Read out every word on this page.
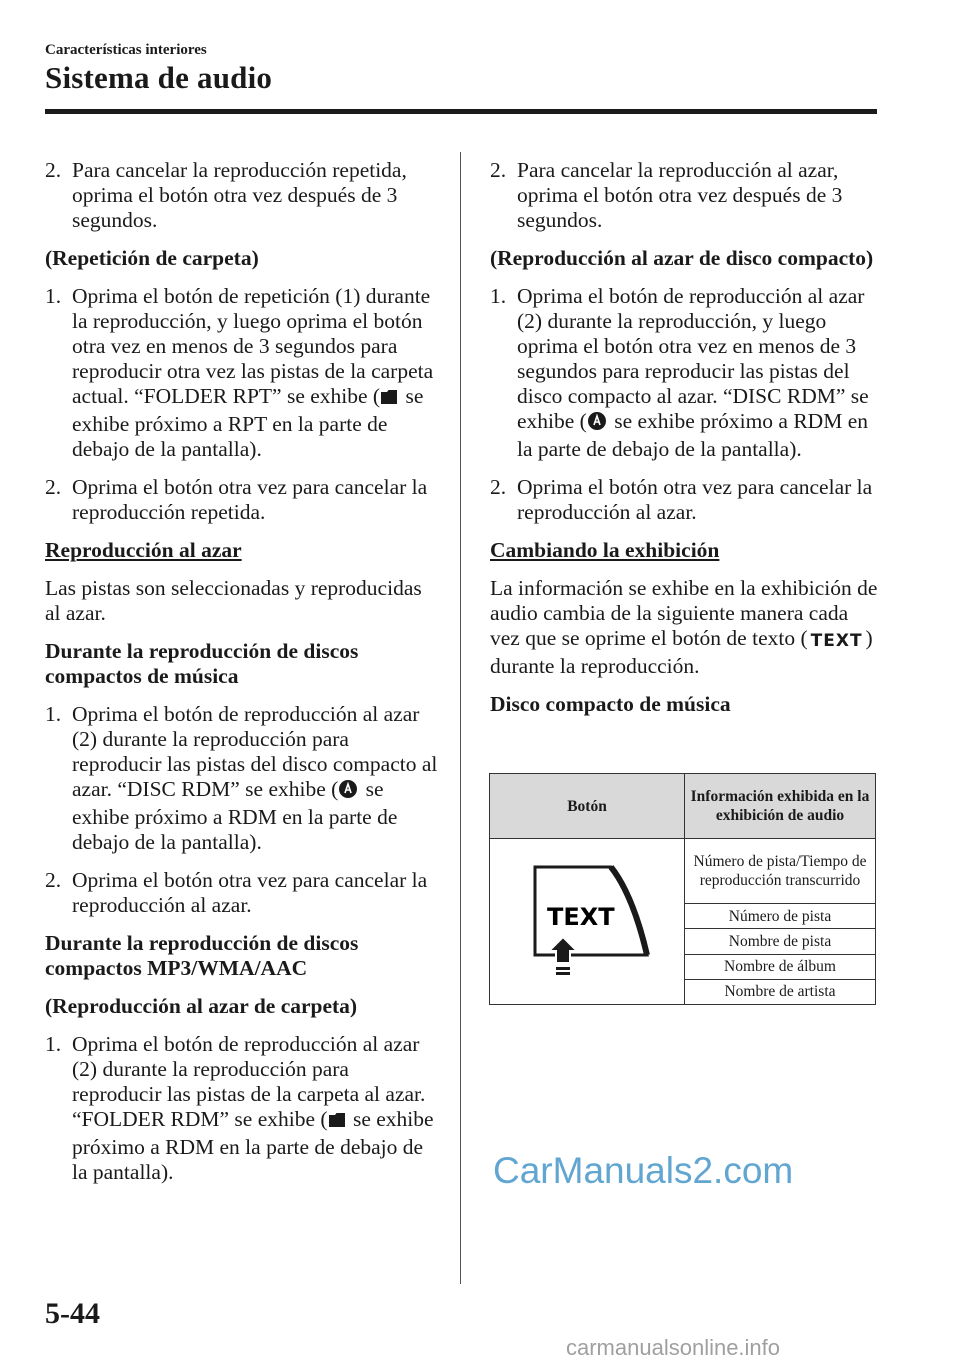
Características interiores
Sistema de audio
2. Para cancelar la reproducción repetida, oprima el botón otra vez después de 3 segundos.
(Repetición de carpeta)
1. Oprima el botón de repetición (1) durante la reproducción, y luego oprima el botón otra vez en menos de 3 segundos para reproducir otra vez las pistas de la carpeta actual. “FOLDER RPT” se exhibe ( se exhibe próximo a RPT en la parte de debajo de la pantalla).
2. Oprima el botón otra vez para cancelar la reproducción repetida.
Reproducción al azar
Las pistas son seleccionadas y reproducidas al azar.
Durante la reproducción de discos compactos de música
1. Oprima el botón de reproducción al azar (2) durante la reproducción para reproducir las pistas del disco compacto al azar. “DISC RDM” se exhibe ( se exhibe próximo a RDM en la parte de debajo de la pantalla).
2. Oprima el botón otra vez para cancelar la reproducción al azar.
Durante la reproducción de discos compactos MP3/WMA/AAC
(Reproducción al azar de carpeta)
1. Oprima el botón de reproducción al azar (2) durante la reproducción para reproducir las pistas de la carpeta al azar. “FOLDER RDM” se exhibe ( se exhibe próximo a RDM en la parte de debajo de la pantalla).
2. Para cancelar la reproducción al azar, oprima el botón otra vez después de 3 segundos.
(Reproducción al azar de disco compacto)
1. Oprima el botón de reproducción al azar (2) durante la reproducción, y luego oprima el botón otra vez en menos de 3 segundos para reproducir las pistas del disco compacto al azar. “DISC RDM” se exhibe ( se exhibe próximo a RDM en la parte de debajo de la pantalla).
2. Oprima el botón otra vez para cancelar la reproducción al azar.
Cambiando la exhibición
La información se exhibe en la exhibición de audio cambia de la siguiente manera cada vez que se oprime el botón de texto ( TEXT ) durante la reproducción.
Disco compacto de música
Botón	Información exhibida en la exhibición de audio

TEXT	Número de pista/Tiempo de reproducción transcurrido
	Número de pista
	Nombre de pista
	Nombre de álbum
	Nombre de artista
5-44
CarManuals2.com
carmanualsonline.info
